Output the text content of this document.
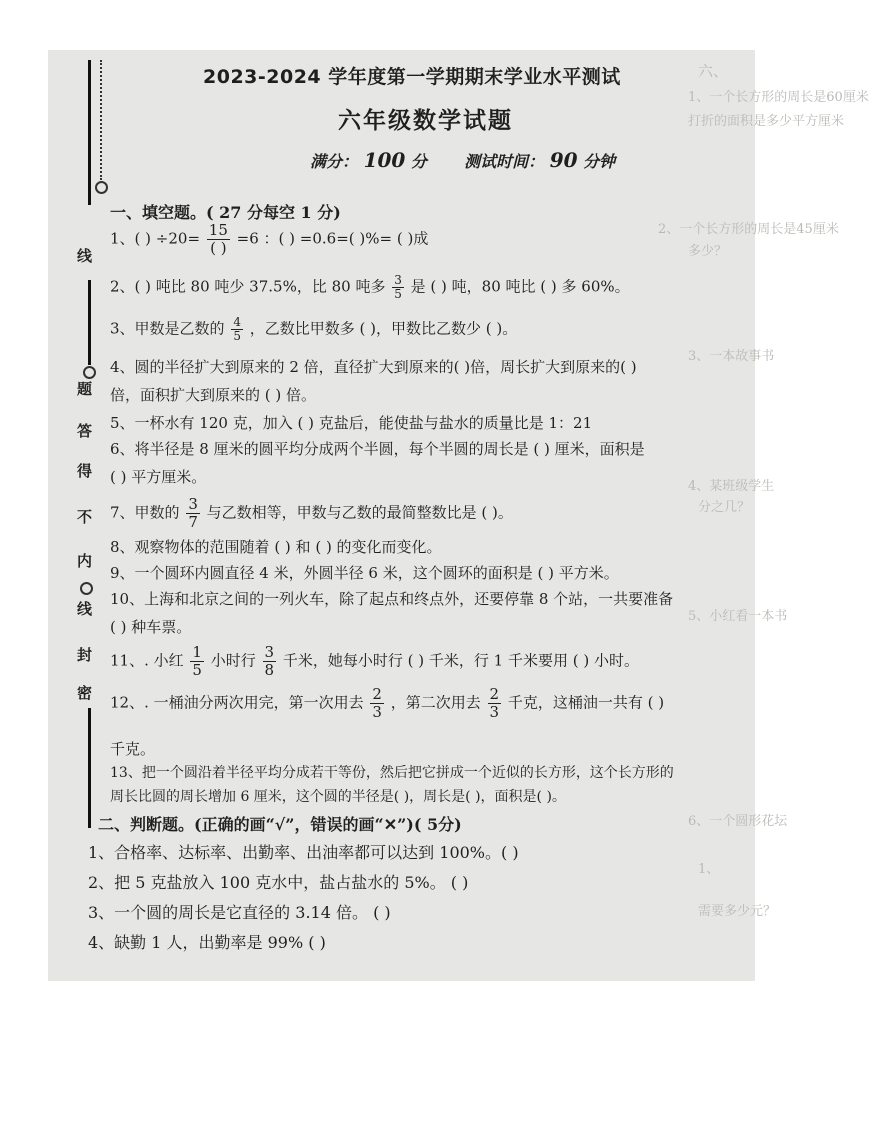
六、
1、一个长方形的周长是60厘米
打折的面积是多少平方厘米
2、一个长方形的周长是45厘米
多少？
3、一本故事书
4、某班级学生
分之几？
5、小红看一本书
6、一个圆形花坛
1、
需要多少元？
线
题
答
得
不
内
线
封
密
2023-2024 学年度第一学期期末学业水平测试
六年级数学试题
满分： 100 分 测试时间： 90 分钟
一、填空题。( 27 分每空 1 分)
1、( ) $\div 20= \frac{15}{( )} =6$ ：( ) =0.6=( )%= ( )成
2、( ) 吨比 80 吨少 37.5%，比 80 吨多 $\frac{3}{5}$ 是 ( ) 吨，80 吨比 ( ) 多 60%。
3、甲数是乙数的 $\frac{4}{5}$ ，乙数比甲数多 ( )，甲数比乙数少 ( )。
4、圆的半径扩大到原来的 2 倍，直径扩大到原来的( )倍，周长扩大到原来的( )
倍，面积扩大到原来的 ( ) 倍。
5、一杯水有 120 克，加入 ( ) 克盐后，能使盐与盐水的质量比是 1：21
6、将半径是 8 厘米的圆平均分成两个半圆，每个半圆的周长是 ( ) 厘米，面积是
( ) 平方厘米。
7、甲数的 $\frac{3}{7}$ 与乙数相等，甲数与乙数的最简整数比是 ( )。
8、观察物体的范围随着 ( ) 和 ( ) 的变化而变化。
9、一个圆环内圆直径 4 米，外圆半径 6 米，这个圆环的面积是 ( ) 平方米。
10、上海和北京之间的一列火车，除了起点和终点外，还要停靠 8 个站，一共要准备
( ) 种车票。
11、. 小红 $\frac{1}{5}$ 小时行 $\frac{3}{8}$ 千米，她每小时行 ( ) 千米，行 1 千米要用 ( ) 小时。
12、. 一桶油分两次用完，第一次用去 $\frac{2}{3}$ ，第二次用去 $\frac{2}{3}$ 千克，这桶油一共有 ( )
千克。
13、把一个圆沿着半径平均分成若干等份，然后把它拼成一个近似的长方形，这个长方形的
周长比圆的周长增加 6 厘米，这个圆的半径是( )，周长是( )，面积是( )。
二、判断题。(正确的画“√”，错误的画“✕”)( 5分)
1、合格率、达标率、出勤率、出油率都可以达到 100%。( )
2、把 5 克盐放入 100 克水中，盐占盐水的 5%。 ( )
3、一个圆的周长是它直径的 3.14 倍。 ( )
4、缺勤 1 人，出勤率是 99% ( )
